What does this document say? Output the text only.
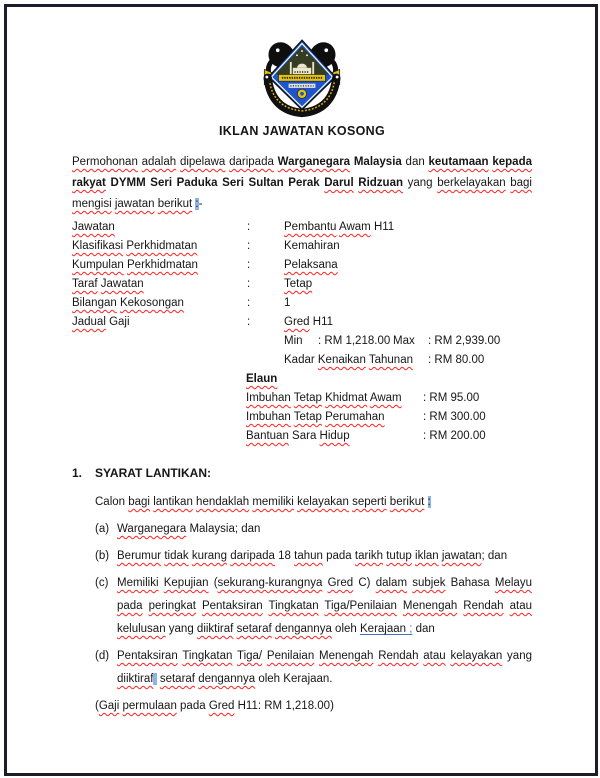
IKLAN JAWATAN KOSONG

Permohonan adalah dipelawa daripada Warganegara Malaysia dan keutamaan kepada rakyat DYMM Seri Paduka Seri Sultan Perak Darul Ridzuan yang berkelayakan bagi mengisi jawatan berikut :-

Jawatan	:	Pembantu Awam H11
Klasifikasi Perkhidmatan	:	Kemahiran
Kumpulan Perkhidmatan	:	Pelaksana
Taraf Jawatan	:	Tetap
Bilangan Kekosongan	:	1
Jadual Gaji	:	Gred H11
Min	: RM 1,218.00 Max	: RM 2,939.00
Kadar Kenaikan Tahunan	: RM 80.00
Elaun
Imbuhan Tetap Khidmat Awam	: RM 95.00
Imbuhan Tetap Perumahan	: RM 300.00
Bantuan Sara Hidup	: RM 200.00
1.	SYARAT LANTIKAN:
Calon bagi lantikan hendaklah memiliki kelayakan seperti berikut :
(a) Warganegara Malaysia; dan
(b) Berumur tidak kurang daripada 18 tahun pada tarikh tutup iklan jawatan; dan
(c) Memiliki Kepujian (sekurang-kurangnya Gred C) dalam subjek Bahasa Melayu pada peringkat Pentaksiran Tingkatan Tiga/Penilaian Menengah Rendah atau kelulusan yang diiktiraf setaraf dengannya oleh Kerajaan ; dan
(d) Pentaksiran Tingkatan Tiga/ Penilaian Menengah Rendah atau kelayakan yang diiktiraf setaraf dengannya oleh Kerajaan.
(Gaji permulaan pada Gred H11: RM 1,218.00)
